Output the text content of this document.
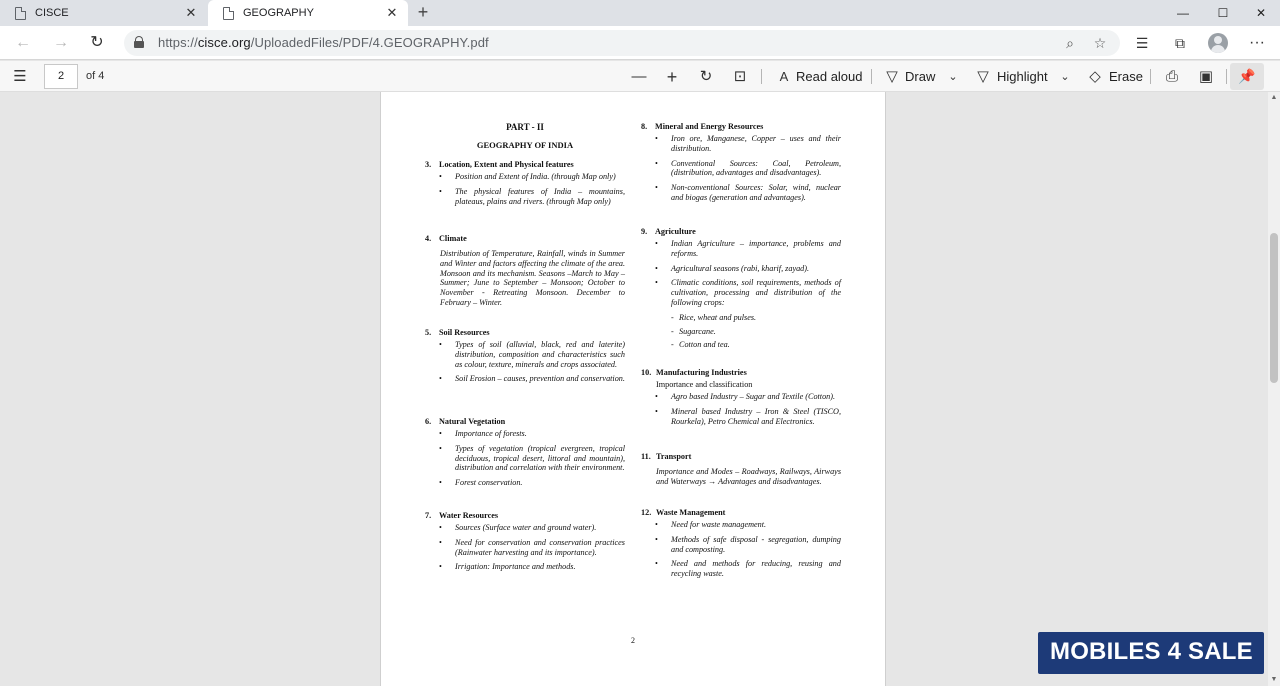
CISCE	✕	GEOGRAPHY	✕ +	—	☐	✕
← → ↻	https://cisce.org/UploadedFiles/PDF/4.GEOGRAPHY.pdf	⌕	☆	☰	⧉	···
☰	2	of 4	— + ↻ ⊡	A Read aloud ▽ Draw	⌄ ▽ Highlight	⌄ ◇ Erase ⎙ ▣	📌
PART - II
GEOGRAPHY OF INDIA
3. Location, Extent and Physical features
• Position and Extent of India. (through Map only)
• The physical features of India – mountains, plateaus, plains and rivers. (through Map only)
4. Climate
Distribution of Temperature, Rainfall, winds in Summer and Winter and factors affecting the climate of the area. Monsoon and its mechanism. Seasons –March to May – Summer; June to September – Monsoon; October to November - Retreating Monsoon. December to February – Winter.
5. Soil Resources
• Types of soil (alluvial, black, red and laterite) distribution, composition and characteristics such as colour, texture, minerals and crops associated.
• Soil Erosion – causes, prevention and conservation.
6. Natural Vegetation
• Importance of forests.
• Types of vegetation (tropical evergreen, tropical deciduous, tropical desert, littoral and mountain), distribution and correlation with their environment.
• Forest conservation.
7. Water Resources
• Sources (Surface water and ground water).
• Need for conservation and conservation practices (Rainwater harvesting and its importance).
• Irrigation: Importance and methods.
8. Mineral and Energy Resources
• Iron ore, Manganese, Copper – uses and their distribution.
• Conventional Sources: Coal, Petroleum, (distribution, advantages and disadvantages).
• Non-conventional Sources: Solar, wind, nuclear and biogas (generation and advantages).
9. Agriculture
• Indian Agriculture – importance, problems and reforms.
• Agricultural seasons (rabi, kharif, zayad).
• Climatic conditions, soil requirements, methods of cultivation, processing and distribution of the following crops:
- Rice, wheat and pulses.
- Sugarcane.
- Cotton and tea.
10. Manufacturing Industries
Importance and classification
• Agro based Industry – Sugar and Textile (Cotton).
• Mineral based Industry – Iron & Steel (TISCO, Rourkela), Petro Chemical and Electronics.
11. Transport
Importance and Modes – Roadways, Railways, Airways and Waterways → Advantages and disadvantages.
12. Waste Management
• Need for waste management.
• Methods of safe disposal - segregation, dumping and composting.
• Need and methods for reducing, reusing and recycling waste.
2
▲
▼
MOBILES 4 SALE
